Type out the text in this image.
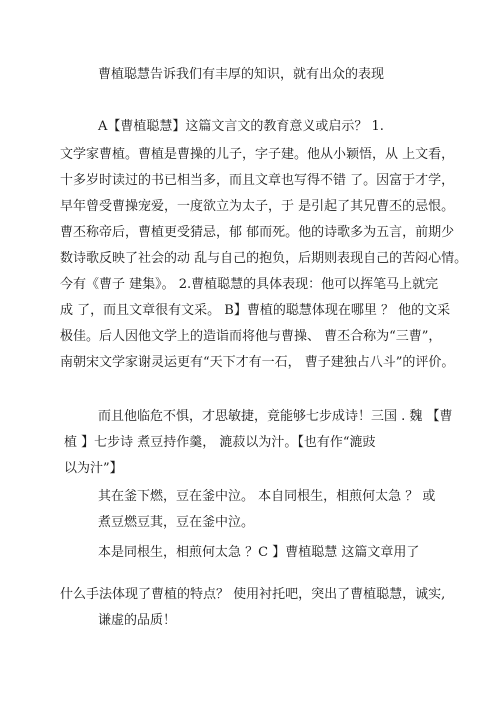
曹植聪慧告诉我们有丰厚的知识，就有出众的表现
A【曹植聪慧】这篇文言文的教育意义或启示？ 1.
文学家曹植。曹植是曹操的儿子，字子建。他从小颖悟，从 上文看，
十多岁时读过的书已相当多，而且文章也写得不错 了。因富于才学，
早年曾受曹操宠爱，一度欲立为太子，于 是引起了其兄曹丕的忌恨。
曹丕称帝后，曹植更受猜忌，郁 郁而死。他的诗歌多为五言，前期少
数诗歌反映了社会的动 乱与自己的抱负，后期则表现自己的苦闷心情。
今有《曹子 建集》。 2.曹植聪慧的具体表现：他可以挥笔马上就完
成 了，而且文章很有文采。 B】曹植的聪慧体现在哪里 ？ 他的文采
极佳。后人因他文学上的造诣而将他与曹操、 曹丕合称为“三曹”，
南朝宋文学家谢灵运更有“天下才有一石， 曹子建独占八斗”的评价。
而且他临危不惧，才思敏捷，竟能够七步成诗！三国 . 魏 【曹
植 】七步诗 煮豆持作羹， 漉菽以为汁。【也有作“漉豉
以为汁”】
其在釜下燃，豆在釜中泣。 本自同根生，相煎何太急 ？ 或
煮豆燃豆萁，豆在釜中泣。
本是同根生，相煎何太急 ？C 】曹植聪慧 这篇文章用了
什么手法体现了曹植的特点？ 使用衬托吧，突出了曹植聪慧，诚实,
谦虚的品质！
